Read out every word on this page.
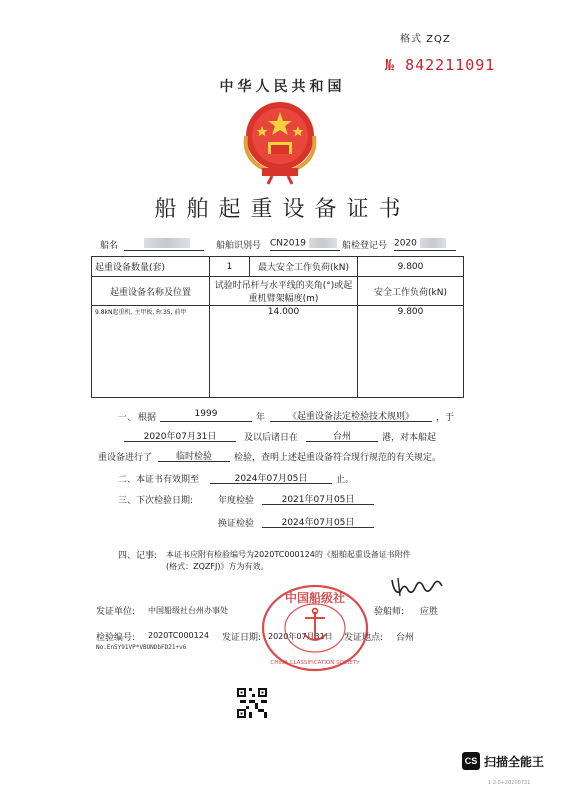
格式 ZQZ
№ 842211091
中华人民共和国
船舶起重设备证书
船名	船舶识别号 CN2019	船检登记号 2020
起重设备数量(套)	1	最大安全工作负荷(kN)	9.800
起重设备名称及位置	试验时吊杆与水平线的夹角(°)或起重机臂架幅度(m)		安全工作负荷(kN)
9.8kN起重机, 主甲板, Fr.35, 前甲	14.000		9.800
一、 根据	1999	年	《起重设备法定检验技术规则》	，于
2020年07月31日	及以后诸日在	台州	港，对本船起
重设备进行了	临时检验	检验，查明上述起重设备符合现行规范的有关规定。
二、 本证书有效期至	2024年07月05日	止。
三、 下次检验日期:	年度检验	2021年07月05日
换证检验	2024年07月05日
四、 记事: 本证书应附有检验编号为2020TC000124的《船舶起重设备证书附件
(格式：ZQZFJ)》方为有效。
Lu为2
发证单位: 中国船级社台州办事处	验船师: 应胜
检验编号: 2020TC000124 发证日期: 2020年07月31日 发证地点: 台州
No.EnSY91VP*VBUNDbFD21+v6
中国船级社
CHINA CLASSIFICATION SOCIETY
CS 扫描全能王
1.2.0+20200731
